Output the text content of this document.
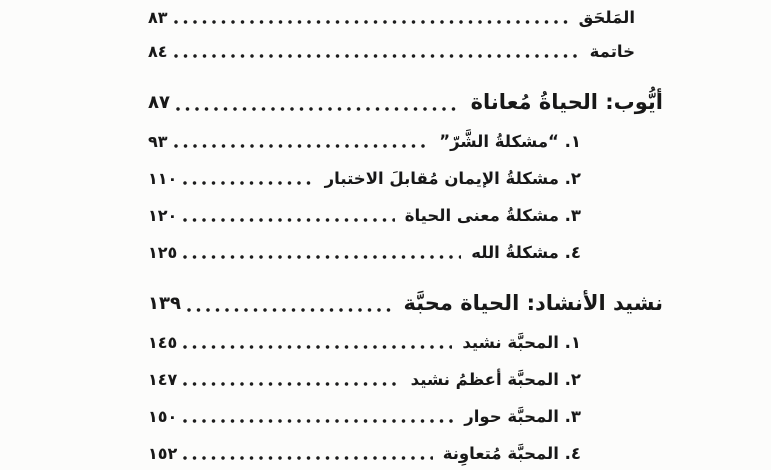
المَلحَق
٨٣
خاتمة
٨٤
أيُّوب: الحياةُ مُعاناة
٨٧
١. “مشكلةُ الشَّرّ”
٩٣
٢. مشكلةُ الإيمان مُقابلَ الاختبار
١١٠
٣. مشكلةُ معنى الحياة
١٢٠
٤. مشكلةُ الله
١٢٥
نشيد الأنشاد: الحياة محبَّة
١٣٩
١. المحبَّة نشيد
١٤٥
٢. المحبَّة أعظمُ نشيد
١٤٧
٣. المحبَّة حوار
١٥٠
٤. المحبَّة مُتعاوِنة
١٥٢
